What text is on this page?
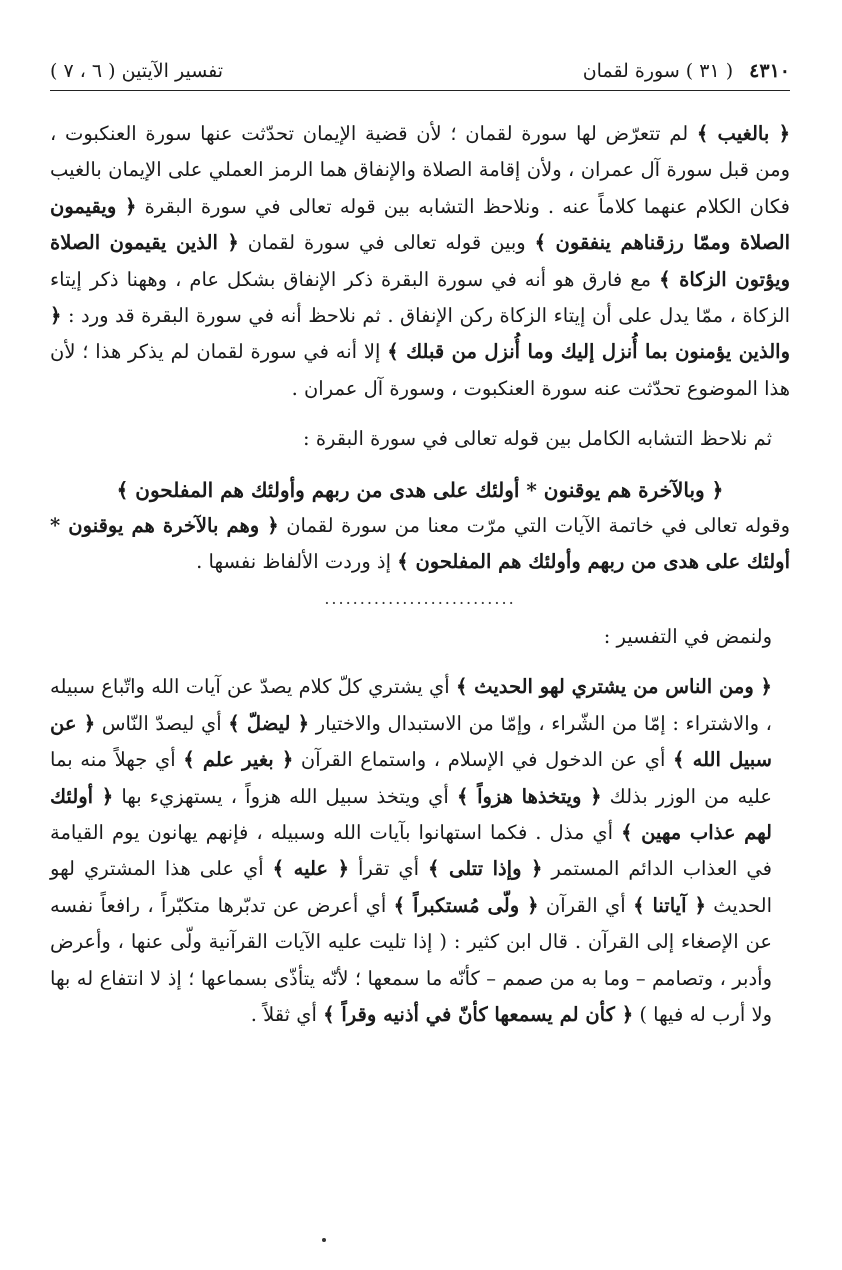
٤٣١٠ ( ٣١ ) سورة لقمان
تفسير الآيتين ( ٦ ، ٧ )

﴿ بالغيب ﴾ لم تتعرّض لها سورة لقمان ؛ لأن قضية الإيمان تحدّثت عنها سورة العنكبوت ، ومن قبل سورة آل عمران ، ولأن إقامة الصلاة والإنفاق هما الرمز العملي على الإيمان بالغيب فكان الكلام عنهما كلاماً عنه . ونلاحظ التشابه بين قوله تعالى في سورة البقرة ﴿ ويقيمون الصلاة وممّا رزقناهم ينفقون ﴾ وبين قوله تعالى في سورة لقمان ﴿ الذين يقيمون الصلاة ويؤتون الزكاة ﴾ مع فارق هو أنه في سورة البقرة ذكر الإنفاق بشكل عام ، وههنا ذكر إيتاء الزكاة ، ممّا يدل على أن إيتاء الزكاة ركن الإنفاق . ثم نلاحظ أنه في سورة البقرة قد ورد : ﴿ والذين يؤمنون بما أُنزل إليك وما أُنزل من قبلك ﴾ إلا أنه في سورة لقمان لم يذكر هذا ؛ لأن هذا الموضوع تحدّثت عنه سورة العنكبوت ، وسورة آل عمران .

ثم نلاحظ التشابه الكامل بين قوله تعالى في سورة البقرة :

﴿ وبالآخرة هم يوقنون * أولئك على هدى من ربهم وأولئك هم المفلحون ﴾

وقوله تعالى في خاتمة الآيات التي مرّت معنا من سورة لقمان ﴿ وهم بالآخرة هم يوقنون * أولئك على هدى من ربهم وأولئك هم المفلحون ﴾ إذ وردت الألفاظ نفسها .

...........................

ولنمض في التفسير :

﴿ ومن الناس من يشتري لهو الحديث ﴾ أي يشتري كلّ كلام يصدّ عن آيات الله واتّباع سبيله ، والاشتراء : إمّا من الشّراء ، وإمّا من الاستبدال والاختيار ﴿ ليضلّ ﴾ أي ليصدّ النّاس ﴿ عن سبيل الله ﴾ أي عن الدخول في الإسلام ، واستماع القرآن ﴿ بغير علم ﴾ أي جهلاً منه بما عليه من الوزر بذلك ﴿ ويتخذها هزواً ﴾ أي ويتخذ سبيل الله هزواً ، يستهزيء بها ﴿ أولئك لهم عذاب مهين ﴾ أي مذل . فكما استهانوا بآيات الله وسبيله ، فإنهم يهانون يوم القيامة في العذاب الدائم المستمر ﴿ وإذا تتلى ﴾ أي تقرأ ﴿ عليه ﴾ أي على هذا المشتري لهو الحديث ﴿ آياتنا ﴾ أي القرآن ﴿ ولّى مُستكبراً ﴾ أي أعرض عن تدبّرها متكبّراً ، رافعاً نفسه عن الإصغاء إلى القرآن . قال ابن كثير : ( إذا تليت عليه الآيات القرآنية ولّى عنها ، وأعرض وأدبر ، وتصامم – وما به من صمم – كأنّه ما سمعها ؛ لأنّه يتأذّى بسماعها ؛ إذ لا انتفاع له بها ولا أرب له فيها ) ﴿ كأن لم يسمعها كأنّ في أذنيه وقراً ﴾ أي ثقلاً .
